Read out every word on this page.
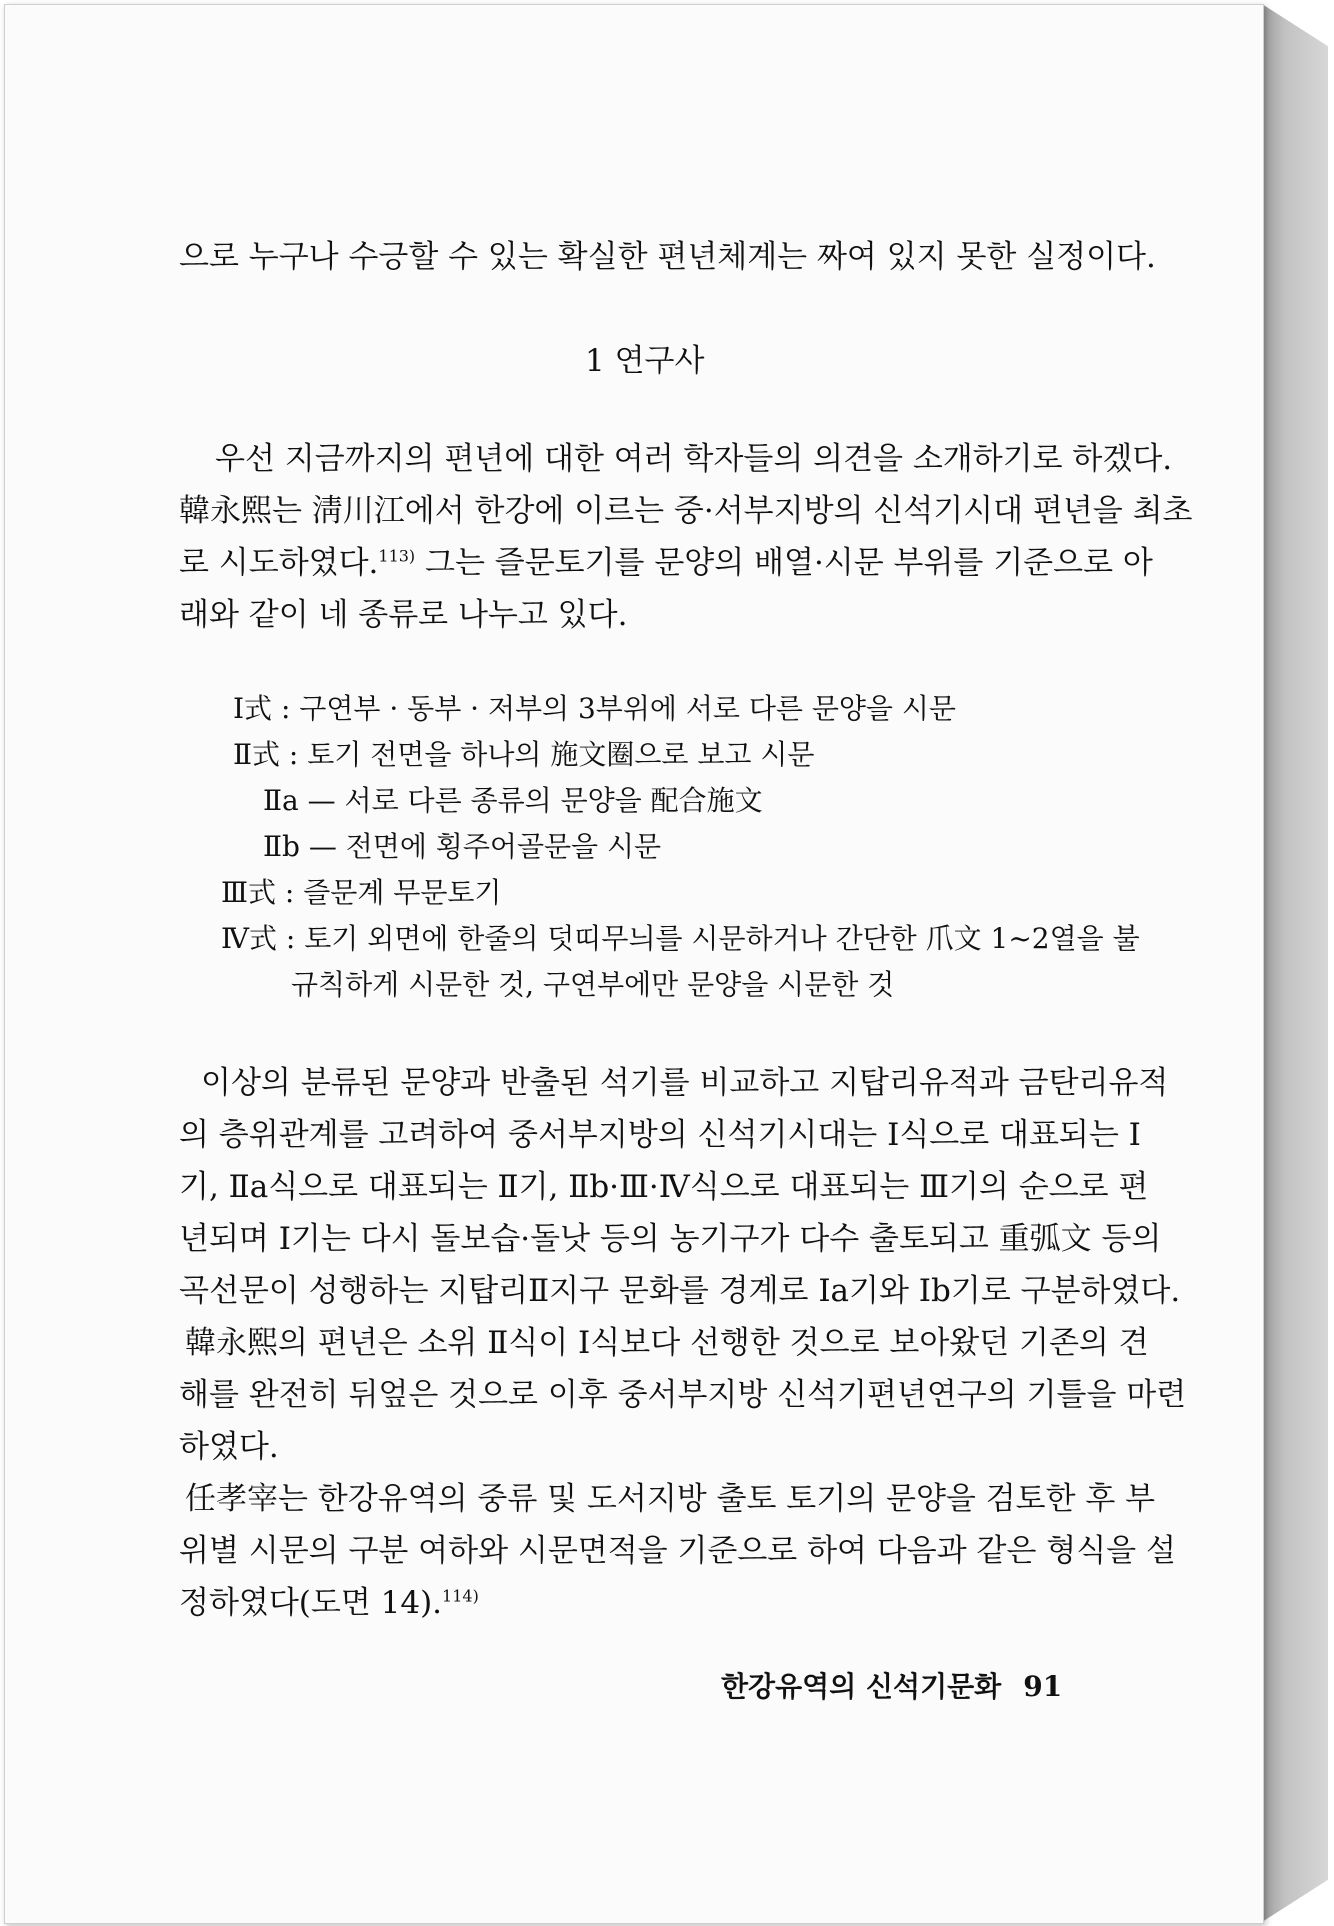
으로 누구나 수긍할 수 있는 확실한 편년체계는 짜여 있지 못한 실정이다.
1 연구사
우선 지금까지의 편년에 대한 여러 학자들의 의견을 소개하기로 하겠다.
韓永熙는 淸川江에서 한강에 이르는 중·서부지방의 신석기시대 편년을 최초
로 시도하였다.$^{113)}$ 그는 즐문토기를 문양의 배열·시문 부위를 기준으로 아
래와 같이 네 종류로 나누고 있다.
Ⅰ式 : 구연부 · 동부 · 저부의 3부위에 서로 다른 문양을 시문
Ⅱ式 : 토기 전면을 하나의 施文圈으로 보고 시문
Ⅱa — 서로 다른 종류의 문양을 配合施文
Ⅱb — 전면에 횡주어골문을 시문
Ⅲ式 : 즐문계 무문토기
Ⅳ式 : 토기 외면에 한줄의 덧띠무늬를 시문하거나 간단한 爪文 1~2열을 불
규칙하게 시문한 것, 구연부에만 문양을 시문한 것
이상의 분류된 문양과 반출된 석기를 비교하고 지탑리유적과 금탄리유적
의 층위관계를 고려하여 중서부지방의 신석기시대는 Ⅰ식으로 대표되는 Ⅰ
기, Ⅱa식으로 대표되는 Ⅱ기, Ⅱb·Ⅲ·Ⅳ식으로 대표되는 Ⅲ기의 순으로 편
년되며 Ⅰ기는 다시 돌보습·돌낫 등의 농기구가 다수 출토되고 重弧文 등의
곡선문이 성행하는 지탑리Ⅱ지구 문화를 경계로 Ⅰa기와 Ⅰb기로 구분하였다.
韓永熙의 편년은 소위 Ⅱ식이 Ⅰ식보다 선행한 것으로 보아왔던 기존의 견
해를 완전히 뒤엎은 것으로 이후 중서부지방 신석기편년연구의 기틀을 마련
하였다.
任孝宰는 한강유역의 중류 및 도서지방 출토 토기의 문양을 검토한 후 부
위별 시문의 구분 여하와 시문면적을 기준으로 하여 다음과 같은 형식을 설
정하였다(도면 14).$^{114)}$
한강유역의 신석기문화 91
